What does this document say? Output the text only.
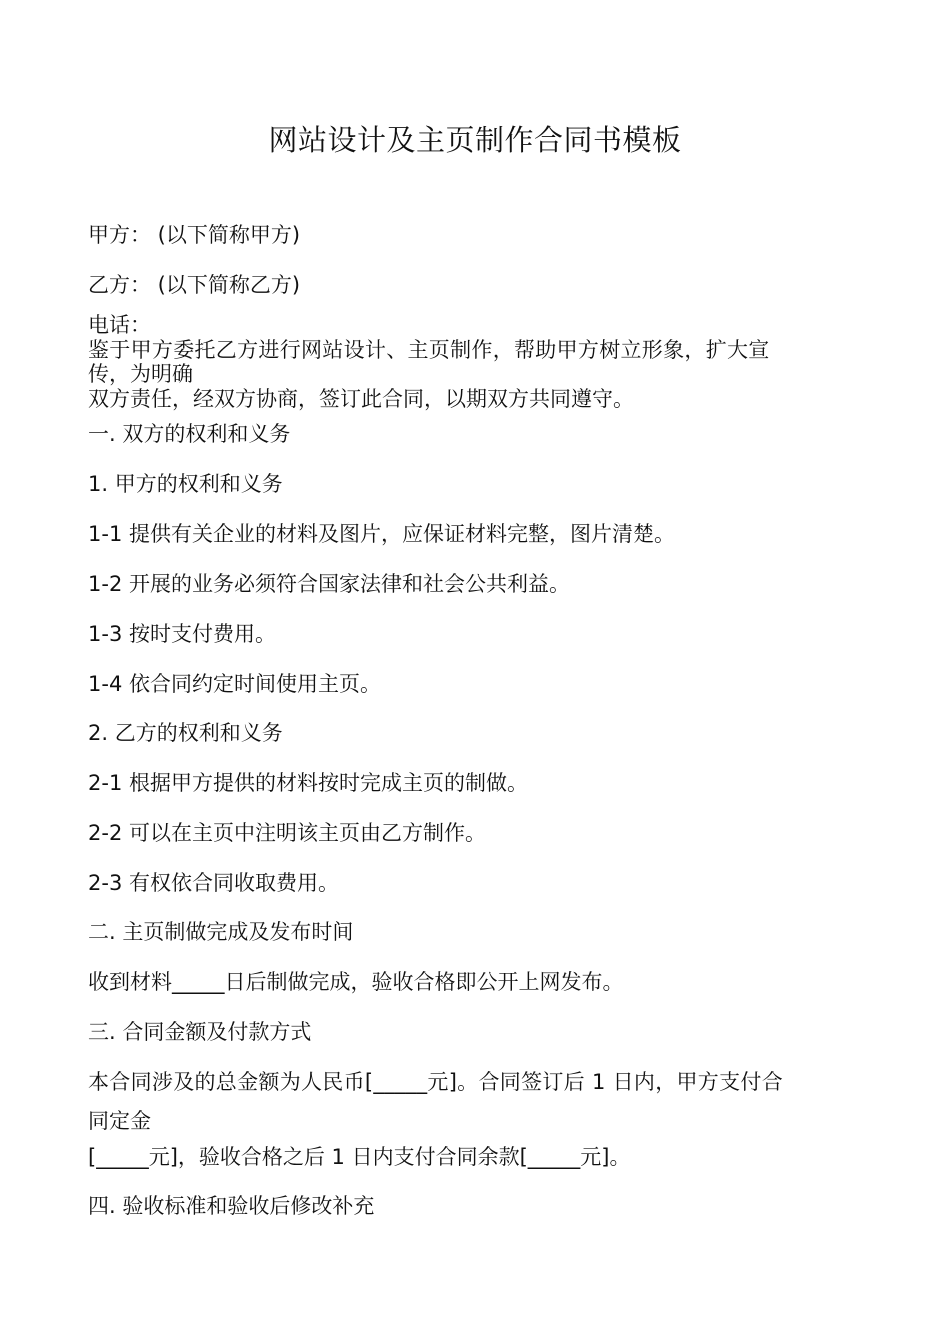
网站设计及主页制作合同书模板
甲方： (以下简称甲方)
乙方： (以下简称乙方)
电话：
鉴于甲方委托乙方进行网站设计、主页制作，帮助甲方树立形象，扩大宣
传，为明确
双方责任，经双方协商，签订此合同，以期双方共同遵守。
一. 双方的权利和义务
1. 甲方的权利和义务
1-1 提供有关企业的材料及图片，应保证材料完整，图片清楚。
1-2 开展的业务必须符合国家法律和社会公共利益。
1-3 按时支付费用。
1-4 依合同约定时间使用主页。
2. 乙方的权利和义务
2-1 根据甲方提供的材料按时完成主页的制做。
2-2 可以在主页中注明该主页由乙方制作。
2-3 有权依合同收取费用。
二. 主页制做完成及发布时间
收到材料_____日后制做完成，验收合格即公开上网发布。
三. 合同金额及付款方式
本合同涉及的总金额为人民币[_____元]。合同签订后 1 日内，甲方支付合
同定金
[_____元]，验收合格之后 1 日内支付合同余款[_____元]。
四. 验收标准和验收后修改补充
